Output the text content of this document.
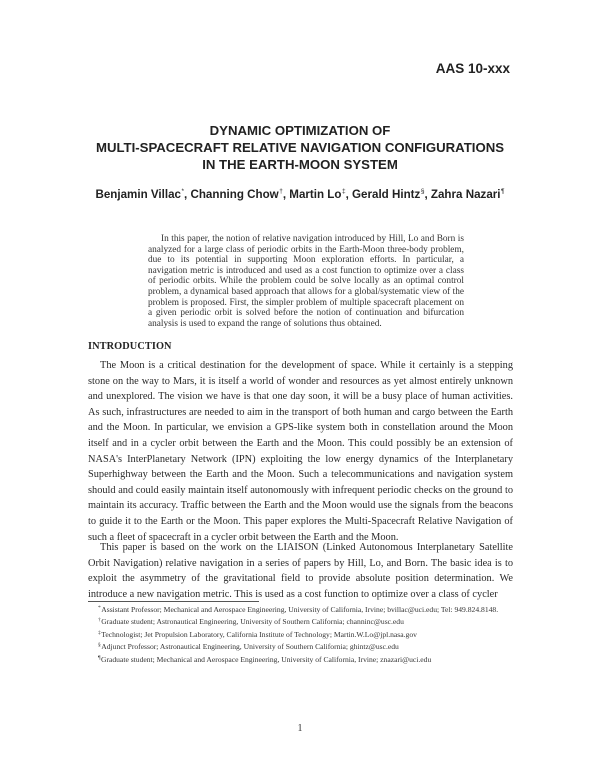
AAS 10-xxx
DYNAMIC OPTIMIZATION OF
MULTI-SPACECRAFT RELATIVE NAVIGATION CONFIGURATIONS
IN THE EARTH-MOON SYSTEM
Benjamin Villac*, Channing Chow†, Martin Lo‡, Gerald Hintz§, Zahra Nazari¶

In this paper, the notion of relative navigation introduced by Hill, Lo and Born is analyzed for a large class of periodic orbits in the Earth-Moon three-body problem, due to its potential in supporting Moon exploration efforts. In particular, a navigation metric is introduced and used as a cost function to optimize over a class of periodic orbits. While the problem could be solve locally as an optimal control problem, a dynamical based approach that allows for a global/systematic view of the problem is proposed. First, the simpler problem of multiple spacecraft placement on a given periodic orbit is solved before the notion of continuation and bifurcation analysis is used to expand the range of solutions thus obtained.

INTRODUCTION

The Moon is a critical destination for the development of space. While it certainly is a stepping stone on the way to Mars, it is itself a world of wonder and resources as yet almost entirely unknown and unexplored. The vision we have is that one day soon, it will be a busy place of human activities. As such, infrastructures are needed to aim in the transport of both human and cargo between the Earth and the Moon. In particular, we envision a GPS-like system both in constellation around the Moon itself and in a cycler orbit between the Earth and the Moon. This could possibly be an extension of NASA's InterPlanetary Network (IPN) exploiting the low energy dynamics of the Interplanetary Superhighway between the Earth and the Moon. Such a telecommunications and navigation system should and could easily maintain itself autonomously with infrequent periodic checks on the ground to maintain its accuracy. Traffic between the Earth and the Moon would use the signals from the beacons to guide it to the Earth or the Moon. This paper explores the Multi-Spacecraft Relative Navigation of such a fleet of spacecraft in a cycler orbit between the Earth and the Moon.

This paper is based on the work on the LIAISON (Linked Autonomous Interplanetary Satellite Orbit Navigation) relative navigation in a series of papers by Hill, Lo, and Born. The basic idea is to exploit the asymmetry of the gravitational field to provide absolute position determination. We introduce a new navigation metric. This is used as a cost function to optimize over a class of cycler

*Assistant Professor; Mechanical and Aerospace Engineering, University of California, Irvine; bvillac@uci.edu; Tel: 949.824.8148.
†Graduate student; Astronautical Engineering, University of Southern California; channinc@usc.edu
‡Technologist; Jet Propulsion Laboratory, California Institute of Technology; Martin.W.Lo@jpl.nasa.gov
§Adjunct Professor; Astronautical Engineering, University of Southern California; ghintz@usc.edu
¶Graduate student; Mechanical and Aerospace Engineering, University of California, Irvine; znazari@uci.edu
1
